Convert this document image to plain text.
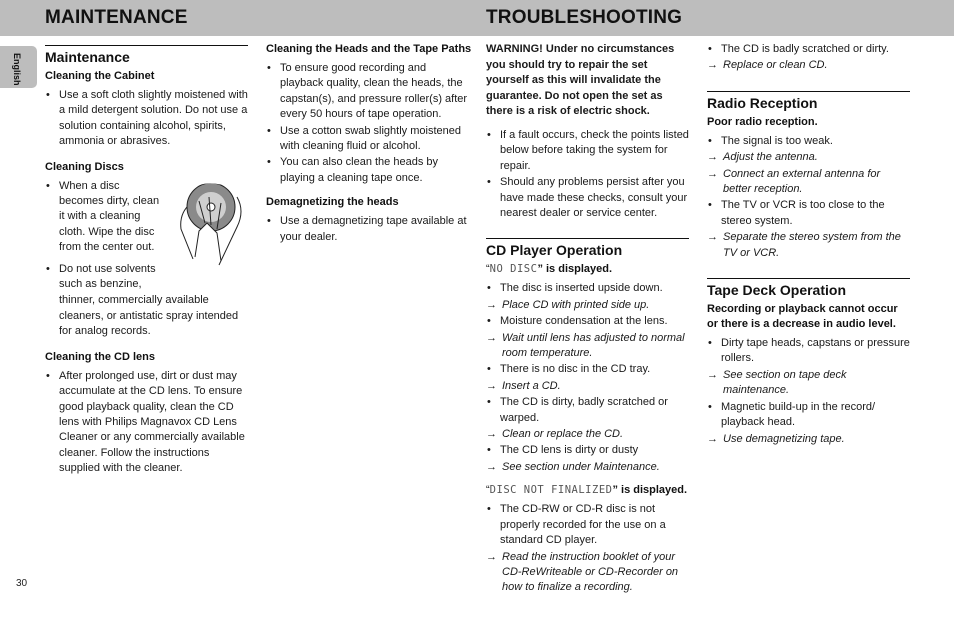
MAINTENANCE	TROUBLESHOOTING
English Maintenance
Cleaning the Cabinet
• Use a soft cloth slightly moistened with a mild detergent solution. Do not use a solution containing alcohol, spirits, ammonia or abrasives.
Cleaning Discs
• When a disc becomes dirty, clean it with a cleaning cloth. Wipe the disc from the center out.
• Do not use solvents such as benzine,
thinner, commercially available cleaners, or antistatic spray intended for analog records.
Cleaning the CD lens
• After prolonged use, dirt or dust may accumulate at the CD lens. To ensure good playback quality, clean the CD lens with Philips Magnavox CD Lens Cleaner or any commercially available cleaner. Follow the instructions supplied with the cleaner.
30
Cleaning the Heads and the Tape Paths
• To ensure good recording and playback quality, clean the heads, the capstan(s), and pressure roller(s) after every 50 hours of tape operation.
• Use a cotton swab slightly moistened with cleaning fluid or alcohol.
• You can also clean the heads by playing a cleaning tape once.
Demagnetizing the heads
• Use a demagnetizing tape available at your dealer.
WARNING! Under no circumstances you should try to repair the set yourself as this will invalidate the guarantee. Do not open the set as there is a risk of electric shock.
• If a fault occurs, check the points listed below before taking the system for repair.
• Should any problems persist after you have made these checks, consult your nearest dealer or service center.
CD Player Operation
“NO DISC” is displayed.
• The disc is inserted upside down.
→ Place CD with printed side up.
• Moisture condensation at the lens.
→ Wait until lens has adjusted to normal room temperature.
• There is no disc in the CD tray.
→ Insert a CD.
• The CD is dirty, badly scratched or warped.
→ Clean or replace the CD.
• The CD lens is dirty or dusty
→ See section under Maintenance.
“DISC NOT FINALIZED” is displayed.
• The CD-RW or CD-R disc is not properly recorded for the use on a standard CD player.
→ Read the instruction booklet of your CD-ReWriteable or CD-Recorder on how to finalize a recording.
• The CD is badly scratched or dirty.
→ Replace or clean CD.
Radio Reception
Poor radio reception.
• The signal is too weak.
→ Adjust the antenna.
→ Connect an external antenna for better reception.
• The TV or VCR is too close to the stereo system.
→ Separate the stereo system from the TV or VCR.
Tape Deck Operation
Recording or playback cannot occur or there is a decrease in audio level.
• Dirty tape heads, capstans or pressure rollers.
→ See section on tape deck maintenance.
• Magnetic build-up in the record/ playback head.
→ Use demagnetizing tape.
